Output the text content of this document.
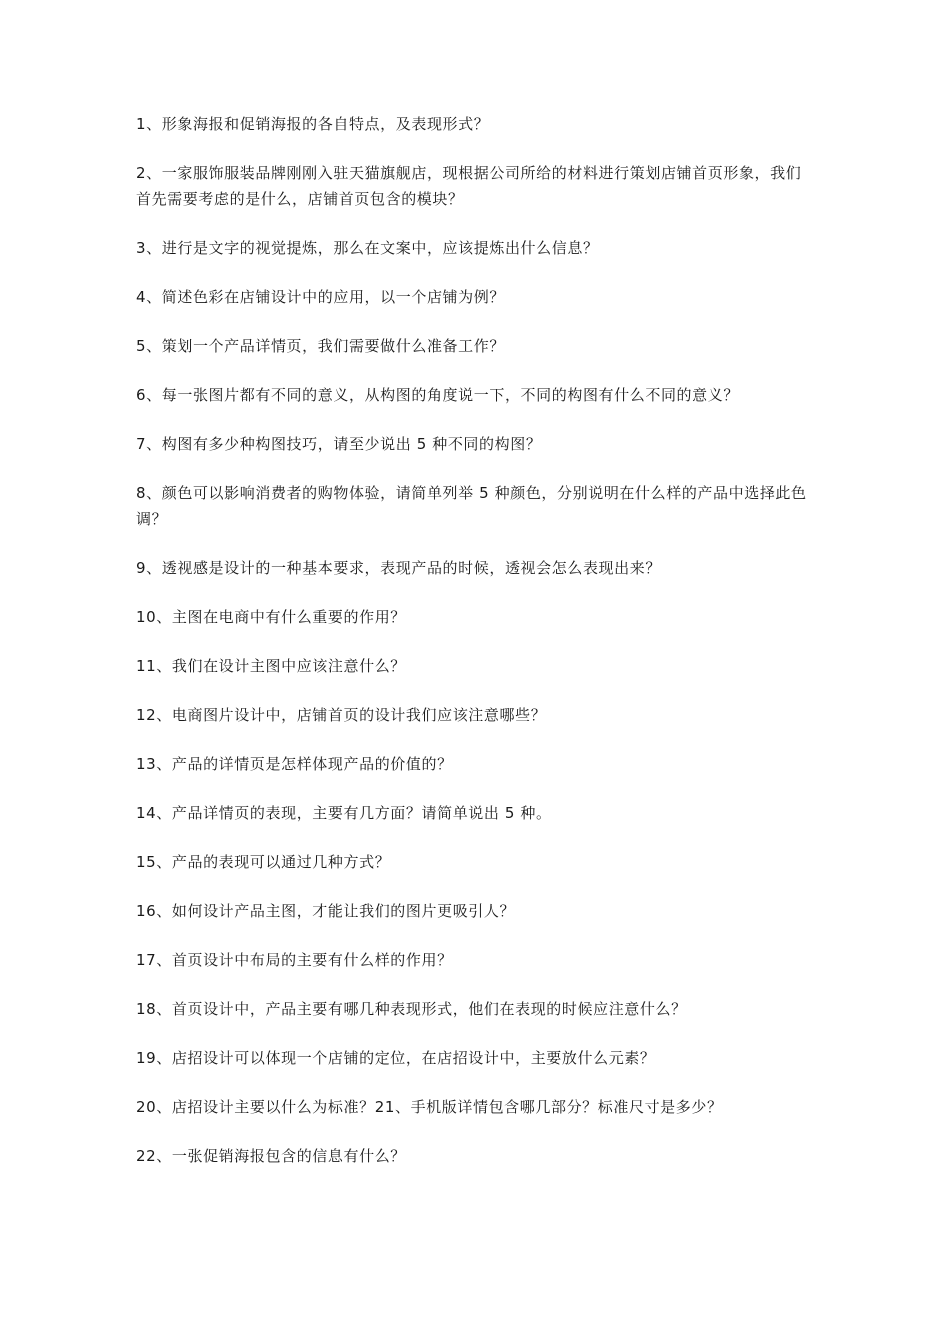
1、形象海报和促销海报的各自特点，及表现形式？
2、一家服饰服装品牌刚刚入驻天猫旗舰店，现根据公司所给的材料进行策划店铺首页形象，我们首先需要考虑的是什么，店铺首页包含的模块？
3、进行是文字的视觉提炼，那么在文案中，应该提炼出什么信息？
4、简述色彩在店铺设计中的应用，以一个店铺为例？
5、策划一个产品详情页，我们需要做什么准备工作？
6、每一张图片都有不同的意义，从构图的角度说一下，不同的构图有什么不同的意义？
7、构图有多少种构图技巧，请至少说出 5 种不同的构图？
8、颜色可以影响消费者的购物体验，请简单列举 5 种颜色，分别说明在什么样的产品中选择此色调？
9、透视感是设计的一种基本要求，表现产品的时候，透视会怎么表现出来？
10、主图在电商中有什么重要的作用？
11、我们在设计主图中应该注意什么？
12、电商图片设计中，店铺首页的设计我们应该注意哪些？
13、产品的详情页是怎样体现产品的价值的？
14、产品详情页的表现，主要有几方面？请简单说出 5 种。
15、产品的表现可以通过几种方式？
16、如何设计产品主图，才能让我们的图片更吸引人？
17、首页设计中布局的主要有什么样的作用？
18、首页设计中，产品主要有哪几种表现形式，他们在表现的时候应注意什么？
19、店招设计可以体现一个店铺的定位，在店招设计中，主要放什么元素？
20、店招设计主要以什么为标准？21、手机版详情包含哪几部分？标准尺寸是多少？
22、一张促销海报包含的信息有什么？
